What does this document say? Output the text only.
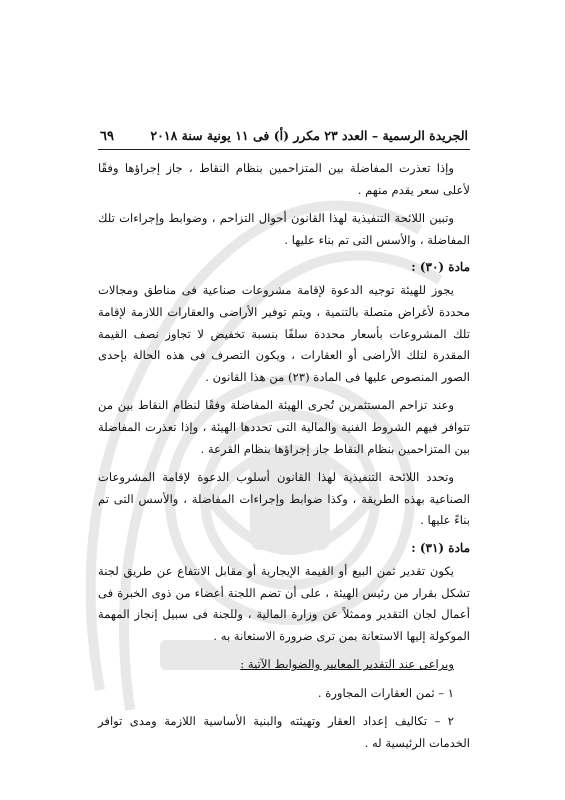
الجريدة الرسمية – العدد ٢٣ مكرر (أ) فى ١١ يونية سنة ٢٠١٨
٦٩

وإذا تعذرت المفاضلة بين المتزاحمين بنظام النقاط ، جاز إجراؤها وفقًا لأعلى سعر يقدم منهم .

وتبين اللائحة التنفيذية لهذا القانون أحوال التزاحم ، وضوابط وإجراءات تلك المفاضلة ، والأسس التى تم بناء عليها .

مادة (٣٠) :

يجوز للهيئة توجيه الدعوة لإقامة مشروعات صناعية فى مناطق ومجالات محددة لأغراض متصلة بالتنمية ، ويتم توفير الأراضى والعقارات اللازمة لإقامة تلك المشروعات بأسعار محددة سلفًا بنسبة تخفيض لا تجاوز نصف القيمة المقدرة لتلك الأراضى أو العقارات ، ويكون التصرف فى هذه الحالة بإحدى الصور المنصوص عليها فى المادة (٢٣) من هذا القانون .

وعند تزاحم المستثمرين تُجرى الهيئة المفاضلة وفقًا لنظام النقاط بين من تتوافر فيهم الشروط الفنية والمالية التى تحددها الهيئة ، وإذا تعذرت المفاضلة بين المتزاحمين بنظام النقاط جاز إجراؤها بنظام القرعة .

وتحدد اللائحة التنفيذية لهذا القانون أسلوب الدعوة لإقامة المشروعات الصناعية بهذه الطريقة ، وكذا ضوابط وإجراءات المفاضلة ، والأسس التى تم بناءً عليها .

مادة (٣١) :

يكون تقدير ثمن البيع أو القيمة الإيجارية أو مقابل الانتفاع عن طريق لجنة تشكل بقرار من رئيس الهيئة ، على أن تضم اللجنة أعضاء من ذوى الخبرة فى أعمال لجان التقدير وممثلاً عن وزارة المالية ، وللجنة فى سبيل إنجاز المهمة الموكولة إليها الاستعانة بمن ترى ضرورة الاستعانة به .

ويراعى عند التقدير المعايير والضوابط الآتية :

١ – ثمن العقارات المجاورة .

٢ – تكاليف إعداد العقار وتهيئته والبنية الأساسية اللازمة ومدى توافر الخدمات الرئيسية له .
